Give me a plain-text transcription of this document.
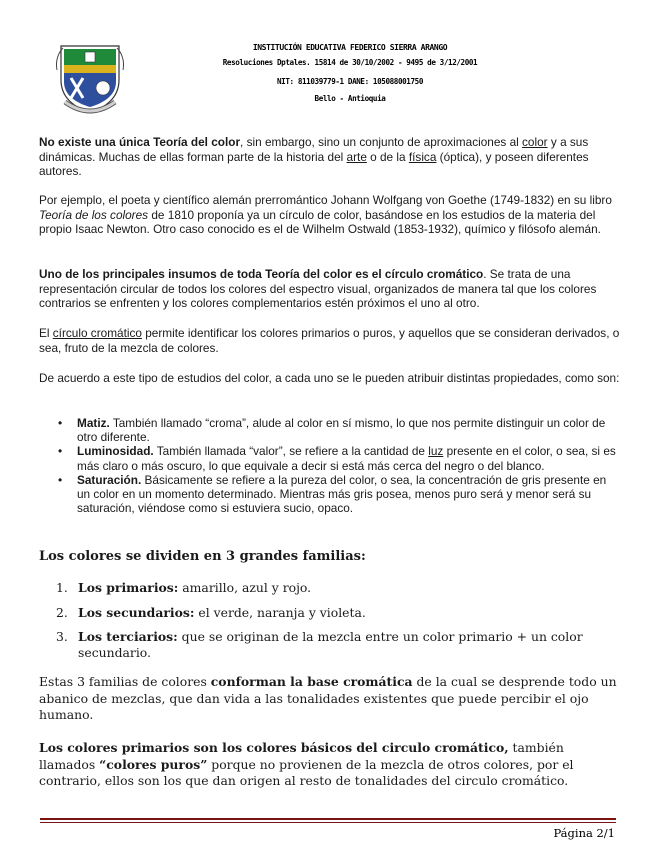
INSTITUCIÓN EDUCATIVA FEDERICO SIERRA ARANGO
Resoluciones Dptales. 15814 de 30/10/2002 - 9495 de 3/12/2001
NIT: 811039779-1 DANE: 105088001750
Bello - Antioquia

No existe una única Teoría del color, sin embargo, sino un conjunto de aproximaciones al color y a sus dinámicas. Muchas de ellas forman parte de la historia del arte o de la física (óptica), y poseen diferentes autores.

Por ejemplo, el poeta y científico alemán prerromántico Johann Wolfgang von Goethe (1749-1832) en su libro Teoría de los colores de 1810 proponía ya un círculo de color, basándose en los estudios de la materia del propio Isaac Newton. Otro caso conocido es el de Wilhelm Ostwald (1853-1932), químico y filósofo alemán.

Uno de los principales insumos de toda Teoría del color es el círculo cromático. Se trata de una representación circular de todos los colores del espectro visual, organizados de manera tal que los colores contrarios se enfrenten y los colores complementarios estén próximos el uno al otro.

El círculo cromático permite identificar los colores primarios o puros, y aquellos que se consideran derivados, o sea, fruto de la mezcla de colores.

De acuerdo a este tipo de estudios del color, a cada uno se le pueden atribuir distintas propiedades, como son:

• Matiz. También llamado “croma”, alude al color en sí mismo, lo que nos permite distinguir un color de otro diferente.
• Luminosidad. También llamada “valor”, se refiere a la cantidad de luz presente en el color, o sea, si es más claro o más oscuro, lo que equivale a decir si está más cerca del negro o del blanco.
• Saturación. Básicamente se refiere a la pureza del color, o sea, la concentración de gris presente en un color en un momento determinado. Mientras más gris posea, menos puro será y menor será su saturación, viéndose como si estuviera sucio, opaco.
Los colores se dividen en 3 grandes familias:
1. Los primarios: amarillo, azul y rojo.
2. Los secundarios: el verde, naranja y violeta.
3. Los terciarios: que se originan de la mezcla entre un color primario + un color secundario.

Estas 3 familias de colores conforman la base cromática de la cual se desprende todo un abanico de mezclas, que dan vida a las tonalidades existentes que puede percibir el ojo humano.

Los colores primarios son los colores básicos del circulo cromático, también llamados “colores puros” porque no provienen de la mezcla de otros colores, por el contrario, ellos son los que dan origen al resto de tonalidades del circulo cromático.

Página 2/1
